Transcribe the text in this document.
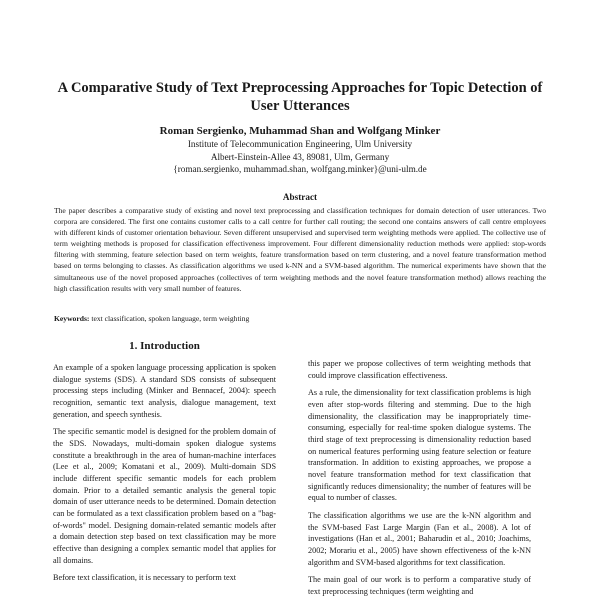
A Comparative Study of Text Preprocessing Approaches for Topic Detection of
User Utterances
Roman Sergienko, Muhammad Shan and Wolfgang Minker
Institute of Telecommunication Engineering, Ulm University
Albert-Einstein-Allee 43, 89081, Ulm, Germany
{roman.sergienko, muhammad.shan, wolfgang.minker}@uni-ulm.de
Abstract
The paper describes a comparative study of existing and novel text preprocessing and classification techniques for domain detection of user utterances. Two corpora are considered. The first one contains customer calls to a call centre for further call routing; the second one contains answers of call centre employees with different kinds of customer orientation behaviour. Seven different unsupervised and supervised term weighting methods were applied. The collective use of term weighting methods is proposed for classification effectiveness improvement. Four different dimensionality reduction methods were applied: stop-words filtering with stemming, feature selection based on term weights, feature transformation based on term clustering, and a novel feature transformation method based on terms belonging to classes. As classification algorithms we used k-NN and a SVM-based algorithm. The numerical experiments have shown that the simultaneous use of the novel proposed approaches (collectives of term weighting methods and the novel feature transformation method) allows reaching the high classification results with very small number of features.
Keywords: text classification, spoken language, term weighting
1. Introduction

An example of a spoken language processing application is spoken dialogue systems (SDS). A standard SDS consists of subsequent processing steps including (Minker and Bennacef, 2004): speech recognition, semantic text analysis, dialogue management, text generation, and speech synthesis.

The specific semantic model is designed for the problem domain of the SDS. Nowadays, multi-domain spoken dialogue systems constitute a breakthrough in the area of human-machine interfaces (Lee et al., 2009; Komatani et al., 2009). Multi-domain SDS include different specific semantic models for each problem domain. Prior to a detailed semantic analysis the general topic domain of user utterance needs to be determined. Domain detection can be formulated as a text classification problem based on a "bag-of-words" model. Designing domain-related semantic models after a domain detection step based on text classification may be more effective than designing a complex semantic model that applies for all domains.

Before text classification, it is necessary to perform text

this paper we propose collectives of term weighting methods that could improve classification effectiveness.

As a rule, the dimensionality for text classification problems is high even after stop-words filtering and stemming. Due to the high dimensionality, the classification may be inappropriately time-consuming, especially for real-time spoken dialogue systems. The third stage of text preprocessing is dimensionality reduction based on numerical features performing using feature selection or feature transformation. In addition to existing approaches, we propose a novel feature transformation method for text classification that significantly reduces dimensionality; the number of features will be equal to number of classes.

The classification algorithms we use are the k-NN algorithm and the SVM-based Fast Large Margin (Fan et al., 2008). A lot of investigations (Han et al., 2001; Baharudin et al., 2010; Joachims, 2002; Morariu et al., 2005) have shown effectiveness of the k-NN algorithm and SVM-based algorithms for text classification.

The main goal of our work is to perform a comparative study of text preprocessing techniques (term weighting and
